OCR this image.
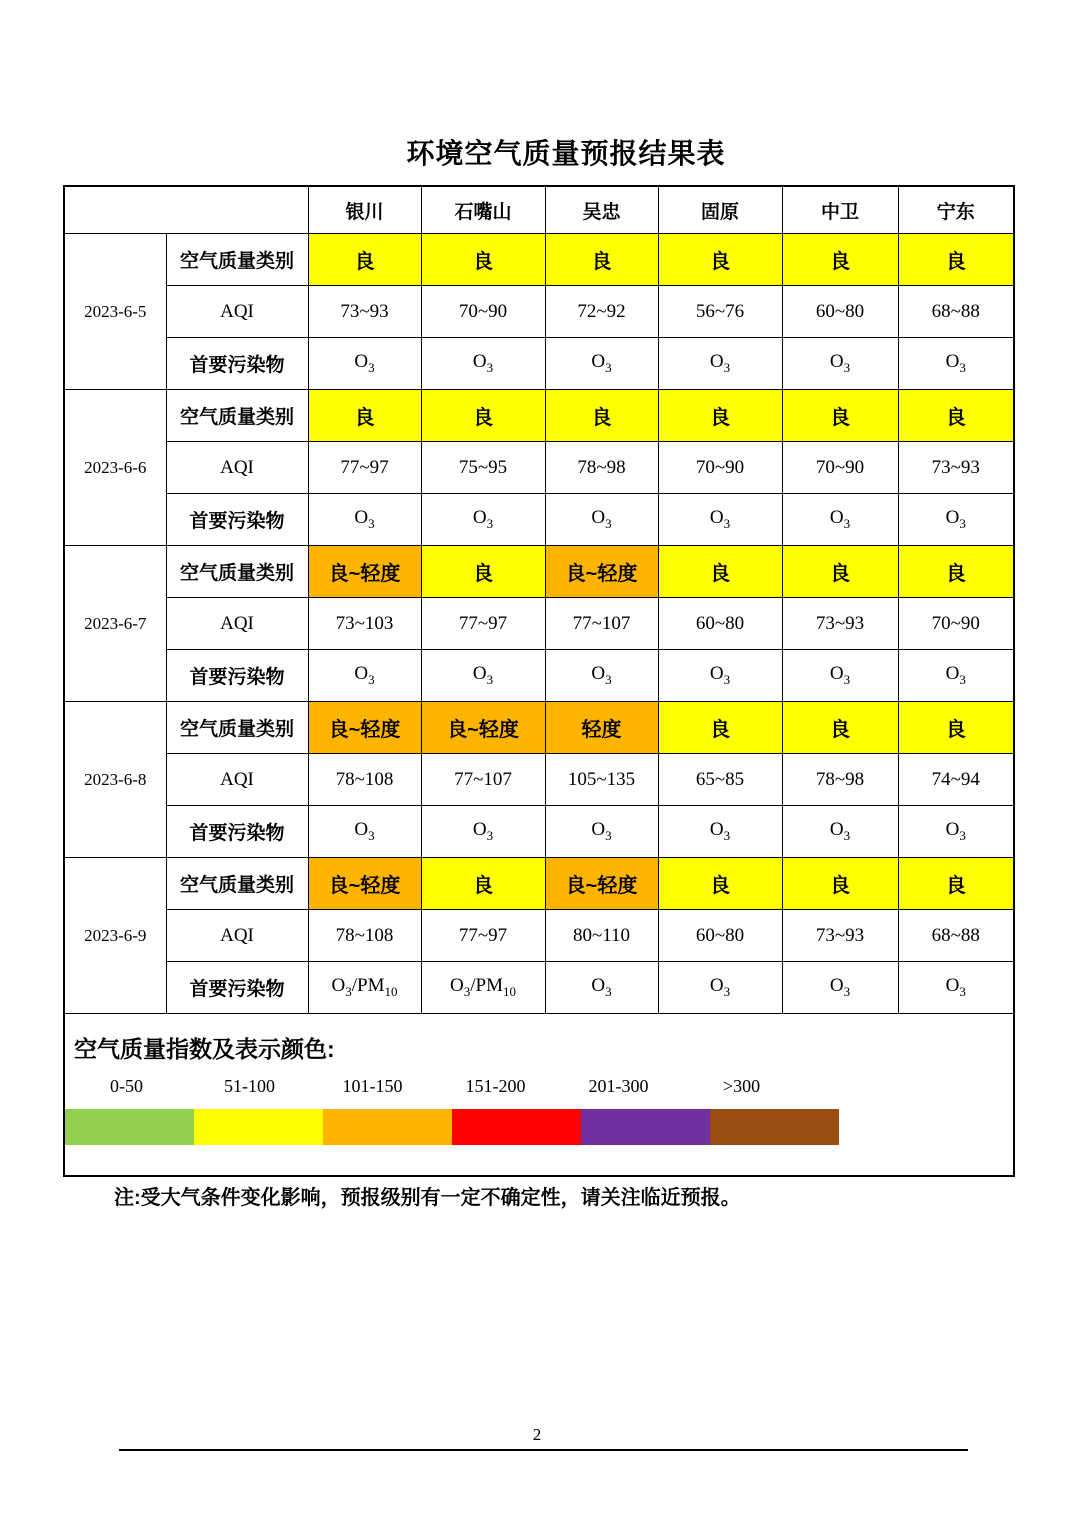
环境空气质量预报结果表
		银川	石嘴山	吴忠	固原	中卫	宁东
2023-6-5	空气质量类别	良	良	良	良	良	良
	AQI	73~93	70~90	72~92	56~76	60~80	68~88
	首要污染物	$O_3$	$O_3$	$O_3$	$O_3$	$O_3$	$O_3$
2023-6-6	空气质量类别	良	良	良	良	良	良
	AQI	77~97	75~95	78~98	70~90	70~90	73~93
	首要污染物	$O_3$	$O_3$	$O_3$	$O_3$	$O_3$	$O_3$
2023-6-7	空气质量类别	良~轻度	良	良~轻度	良	良	良
	AQI	73~103	77~97	77~107	60~80	73~93	70~90
	首要污染物	$O_3$	$O_3$	$O_3$	$O_3$	$O_3$	$O_3$
2023-6-8	空气质量类别	良~轻度	良~轻度	轻度	良	良	良
	AQI	78~108	77~107	105~135	65~85	78~98	74~94
	首要污染物	$O_3$	$O_3$	$O_3$	$O_3$	$O_3$	$O_3$
2023-6-9	空气质量类别	良~轻度	良	良~轻度	良	良	良
	AQI	78~108	77~97	80~110	60~80	73~93	68~88
	首要污染物	$O_3/PM_{10}$	$O_3/PM_{10}$	$O_3$	$O_3$	$O_3$	$O_3$

空气质量指数及表示颜色:
0-50	51-100	101-150	151-200	201-300	>300
注:受大气条件变化影响，预报级别有一定不确定性，请关注临近预报。
2
